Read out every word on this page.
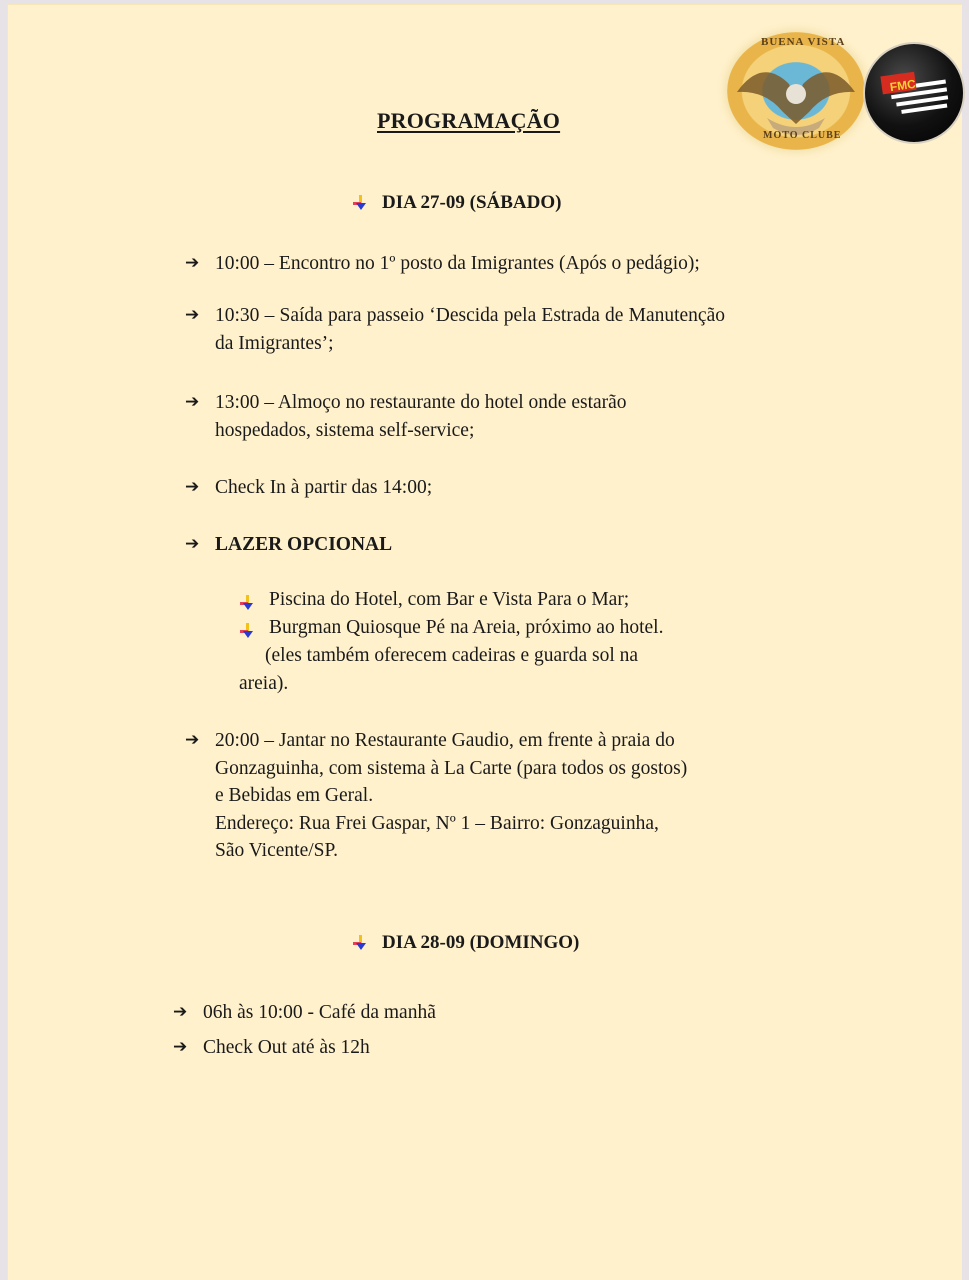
BUENA VISTA
MOTO CLUBE
FMC
PROGRAMAÇÃO
DIA 27-09 (SÁBADO)
➔ 10:00 – Encontro no 1º posto da Imigrantes (Após o pedágio);
➔ 10:30 – Saída para passeio ‘Descida pela Estrada de Manutenção da Imigrantes’;
➔ 13:00 – Almoço no restaurante do hotel onde estarão
hospedados, sistema self-service;
➔ Check In à partir das 14:00;
➔ LAZER OPCIONAL
Piscina do Hotel, com Bar e Vista Para o Mar;
Burgman Quiosque Pé na Areia, próximo ao hotel.
(eles também oferecem cadeiras e guarda sol na
areia).
➔ 20:00 – Jantar no Restaurante Gaudio, em frente à praia do
Gonzaguinha, com sistema à La Carte (para todos os gostos)
e Bebidas em Geral.
Endereço: Rua Frei Gaspar, Nº 1 – Bairro: Gonzaguinha,
São Vicente/SP.
DIA 28-09 (DOMINGO)
➔ 06h às 10:00 - Café da manhã
➔ Check Out até às 12h
